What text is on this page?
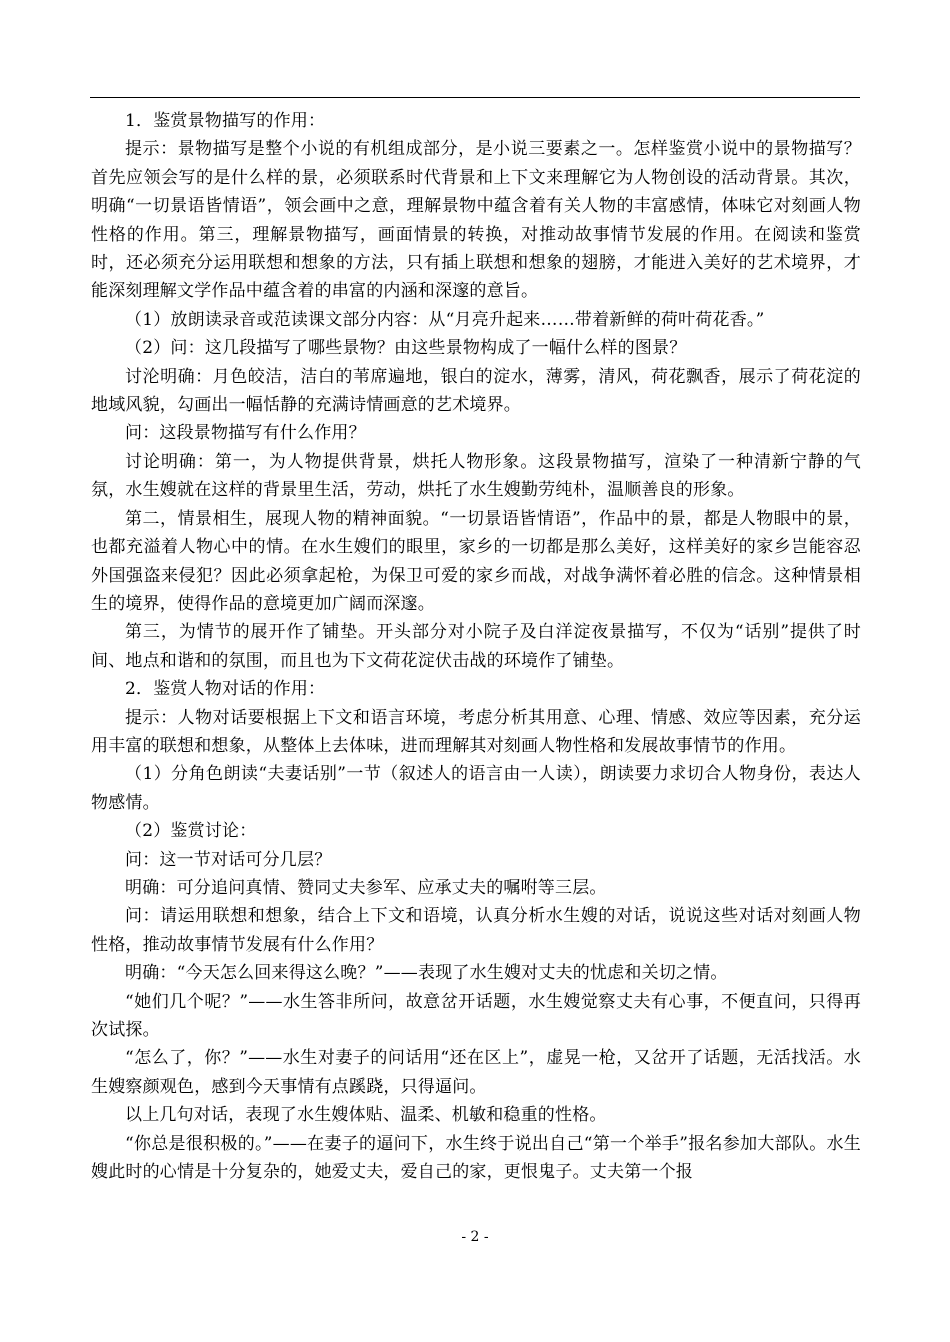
1．鉴赏景物描写的作用：

提示：景物描写是整个小说的有机组成部分，是小说三要素之一。怎样鉴赏小说中的景物描写？首先应领会写的是什么样的景，必须联系时代背景和上下文来理解它为人物创设的活动背景。其次，明确“一切景语皆情语”，领会画中之意，理解景物中蕴含着有关人物的丰富感情，体味它对刻画人物性格的作用。第三，理解景物描写，画面情景的转换，对推动故事情节发展的作用。在阅读和鉴赏时，还必须充分运用联想和想象的方法，只有插上联想和想象的翅膀，才能进入美好的艺术境界，才能深刻理解文学作品中蕴含着的串富的内涵和深邃的意旨。

（1）放朗读录音或范读课文部分内容：从“月亮升起来……带着新鲜的荷叶荷花香。”

（2）问：这几段描写了哪些景物？由这些景物构成了一幅什么样的图景？

讨沦明确：月色皎洁，洁白的苇席遍地，银白的淀水，薄雾，清风，荷花飘香，展示了荷花淀的地域风貌，勾画出一幅恬静的充满诗情画意的艺术境界。

问：这段景物描写有什么作用？

讨论明确：第一，为人物提供背景，烘托人物形象。这段景物描写，渲染了一种清新宁静的气氛，水生嫂就在这样的背景里生活，劳动，烘托了水生嫂勤劳纯朴，温顺善良的形象。

第二，情景相生，展现人物的精神面貌。“一切景语皆情语”，作品中的景，都是人物眼中的景，也都充溢着人物心中的情。在水生嫂们的眼里，家乡的一切都是那么美好，这样美好的家乡岂能容忍外国强盗来侵犯？因此必须拿起枪，为保卫可爱的家乡而战，对战争满怀着必胜的信念。这种情景相生的境界，使得作品的意境更加广阔而深邃。

第三，为情节的展开作了铺垫。开头部分对小院子及白洋淀夜景描写，不仅为“话别”提供了时间、地点和谐和的氛围，而且也为下文荷花淀伏击战的环境作了铺垫。

2．鉴赏人物对话的作用：

提示：人物对话要根据上下文和语言环境，考虑分析其用意、心理、情感、效应等因素，充分运用丰富的联想和想象，从整体上去体味，进而理解其对刻画人物性格和发展故事情节的作用。

（1）分角色朗读“夫妻话别”一节（叙述人的语言由一人读），朗读要力求切合人物身份，表达人物感情。

（2）鉴赏讨论：

问：这一节对话可分几层？

明确：可分追问真情、赞同丈夫参军、应承丈夫的嘱咐等三层。

问：请运用联想和想象，结合上下文和语境，认真分析水生嫂的对话，说说这些对话对刻画人物性格，推动故事情节发展有什么作用？

明确：“今天怎么回来得这么晚？”——表现了水生嫂对丈夫的忧虑和关切之情。

“她们几个呢？”——水生答非所问，故意岔开话题，水生嫂觉察丈夫有心事，不便直问，只得再次试探。

“怎么了，你？”——水生对妻子的问话用“还在区上”，虚晃一枪，又岔开了话题，无活找活。水生嫂察颜观色，感到今天事情有点蹊跷，只得逼问。

以上几句对话，表现了水生嫂体贴、温柔、机敏和稳重的性格。

“你总是很积极的。”——在妻子的逼问下，水生终于说出自己“第一个举手”报名参加大部队。水生嫂此时的心情是十分复杂的，她爱丈夫，爱自己的家，更恨鬼子。丈夫第一个报

- 2 -
